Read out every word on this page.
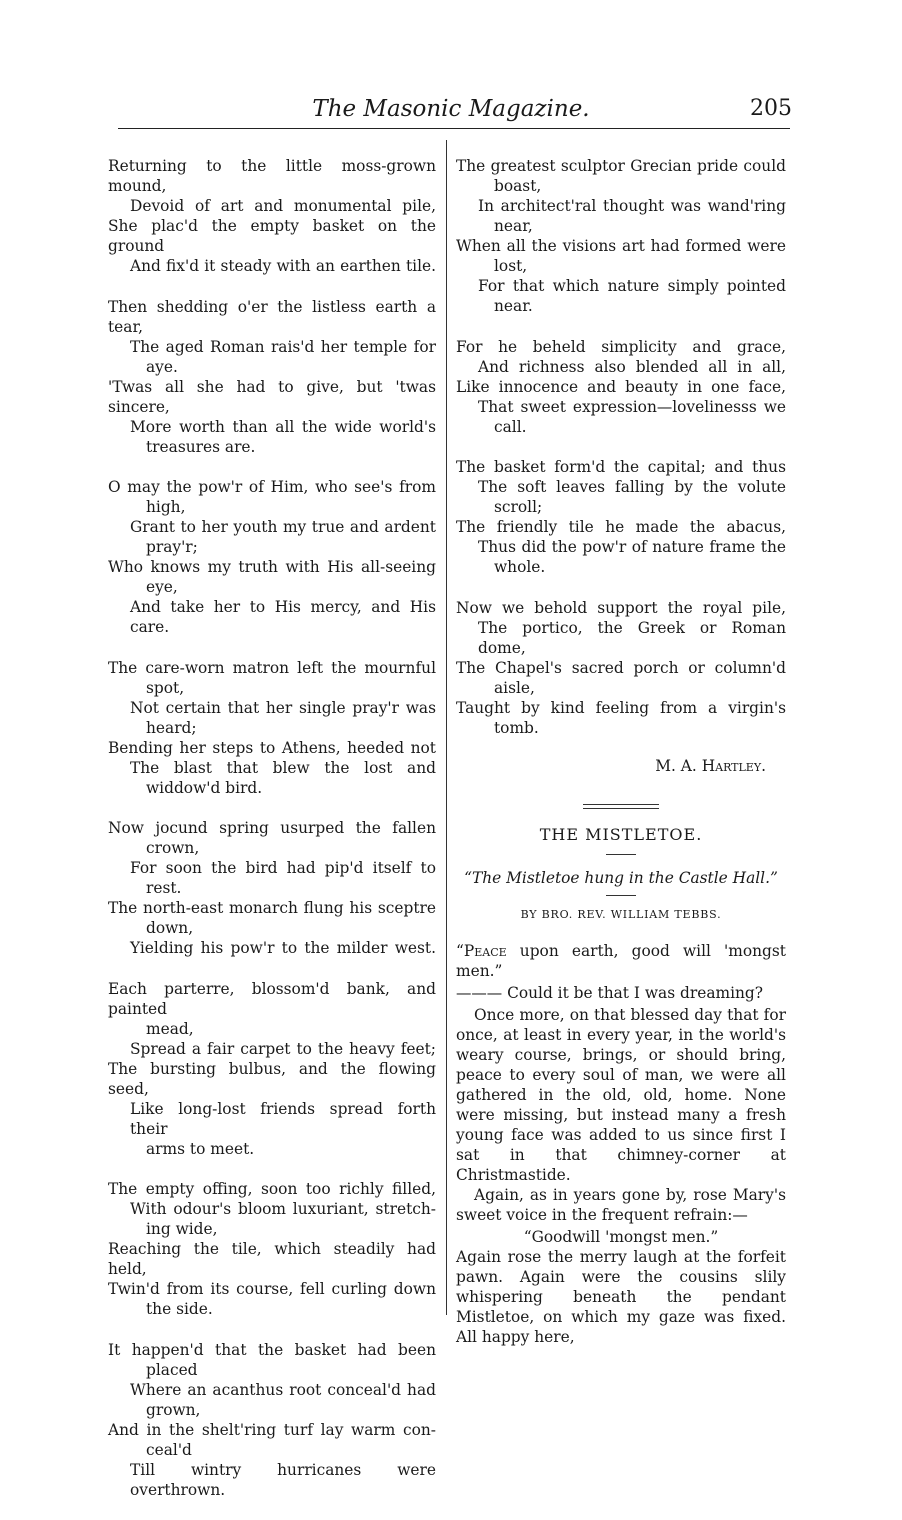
The Masonic Magazine.	205
Returning to the little moss-grown mound,
Devoid of art and monumental pile,
She plac'd the empty basket on the ground
And fix'd it steady with an earthen tile.
Then shedding o'er the listless earth a tear,
The aged Roman rais'd her temple for
aye.
'Twas all she had to give, but 'twas sincere,
More worth than all the wide world's
treasures are.
O may the pow'r of Him, who see's from
high,
Grant to her youth my true and ardent
pray'r;
Who knows my truth with His all-seeing
eye,
And take her to His mercy, and His care.
The care-worn matron left the mournful
spot,
Not certain that her single pray'r was
heard;
Bending her steps to Athens, heeded not
The blast that blew the lost and
widdow'd bird.
Now jocund spring usurped the fallen
crown,
For soon the bird had pip'd itself to
rest.
The north-east monarch flung his sceptre
down,
Yielding his pow'r to the milder west.
Each parterre, blossom'd bank, and painted
mead,
Spread a fair carpet to the heavy feet;
The bursting bulbus, and the flowing seed,
Like long-lost friends spread forth their
arms to meet.
The empty offing, soon too richly filled,
With odour's bloom luxuriant, stretch-
ing wide,
Reaching the tile, which steadily had held,
Twin'd from its course, fell curling down
the side.
It happen'd that the basket had been
placed
Where an acanthus root conceal'd had
grown,
And in the shelt'ring turf lay warm con-
ceal'd
Till wintry hurricanes were overthrown.
The greatest sculptor Grecian pride could
boast,
In architect'ral thought was wand'ring
near,
When all the visions art had formed were
lost,
For that which nature simply pointed
near.
For he beheld simplicity and grace,
And richness also blended all in all,
Like innocence and beauty in one face,
That sweet expression—lovelinesss we
call.
The basket form'd the capital; and thus
The soft leaves falling by the volute
scroll;
The friendly tile he made the abacus,
Thus did the pow'r of nature frame the
whole.
Now we behold support the royal pile,
The portico, the Greek or Roman dome,
The Chapel's sacred porch or column'd
aisle,
Taught by kind feeling from a virgin's
tomb.
M. A. Hartley.
THE MISTLETOE.
“The Mistletoe hung in the Castle Hall.”
BY BRO. REV. WILLIAM TEBBS.
“Peace upon earth, good will 'mongst men.”
——— Could it be that I was dreaming?
Once more, on that blessed day that for once, at least in every year, in the world's weary course, brings, or should bring, peace to every soul of man, we were all gathered in the old, old, home. None were missing, but instead many a fresh young face was added to us since first I sat in that chimney-corner at Christmastide.
Again, as in years gone by, rose Mary's sweet voice in the frequent refrain:—
“Goodwill 'mongst men.”
Again rose the merry laugh at the forfeit pawn. Again were the cousins slily whispering beneath the pendant Mistletoe, on which my gaze was fixed. All happy here,
